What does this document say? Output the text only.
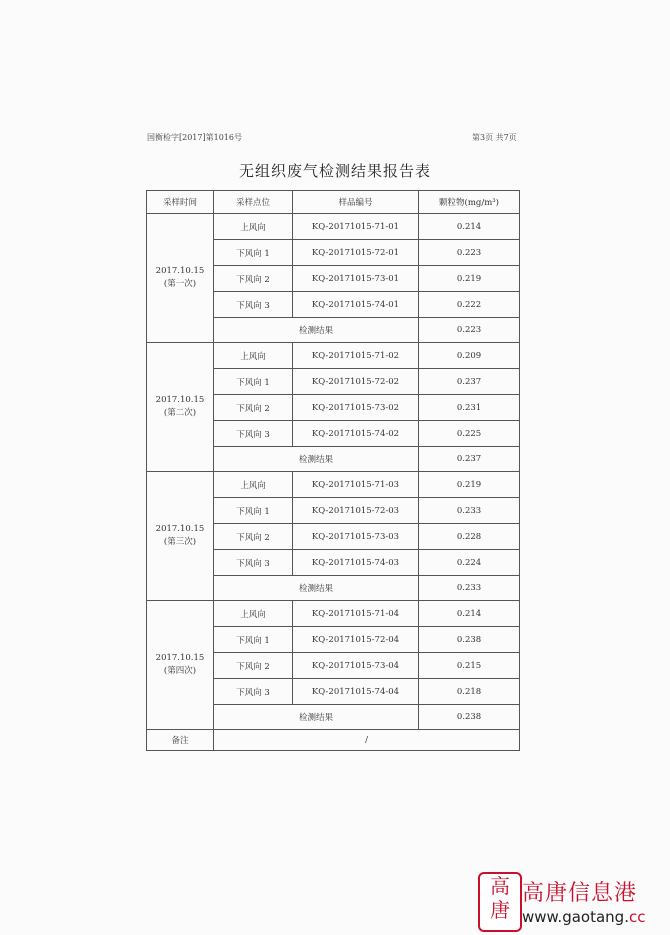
国衡检字[2017]第1016号	第3页 共7页
无组织废气检测结果报告表
采样时间	采样点位	样品编号	颗粒物(mg/m³)

2017.10.15
(第一次)	上风向	KQ-20171015-71-01	0.214
	下风向 1	KQ-20171015-72-01	0.223
	下风向 2	KQ-20171015-73-01	0.219
	下风向 3	KQ-20171015-74-01	0.222
	检测结果		0.223

2017.10.15
(第二次)	上风向	KQ-20171015-71-02	0.209
	下风向 1	KQ-20171015-72-02	0.237
	下风向 2	KQ-20171015-73-02	0.231
	下风向 3	KQ-20171015-74-02	0.225
	检测结果		0.237

2017.10.15
(第三次)	上风向	KQ-20171015-71-03	0.219
	下风向 1	KQ-20171015-72-03	0.233
	下风向 2	KQ-20171015-73-03	0.228
	下风向 3	KQ-20171015-74-03	0.224
	检测结果		0.233

2017.10.15
(第四次)	上风向	KQ-20171015-71-04	0.214
	下风向 1	KQ-20171015-72-04	0.238
	下风向 2	KQ-20171015-73-04	0.215
	下风向 3	KQ-20171015-74-04	0.218
	检测结果		0.238
备注	/		
高
唐
高唐信息港
www.gaotang.cc
